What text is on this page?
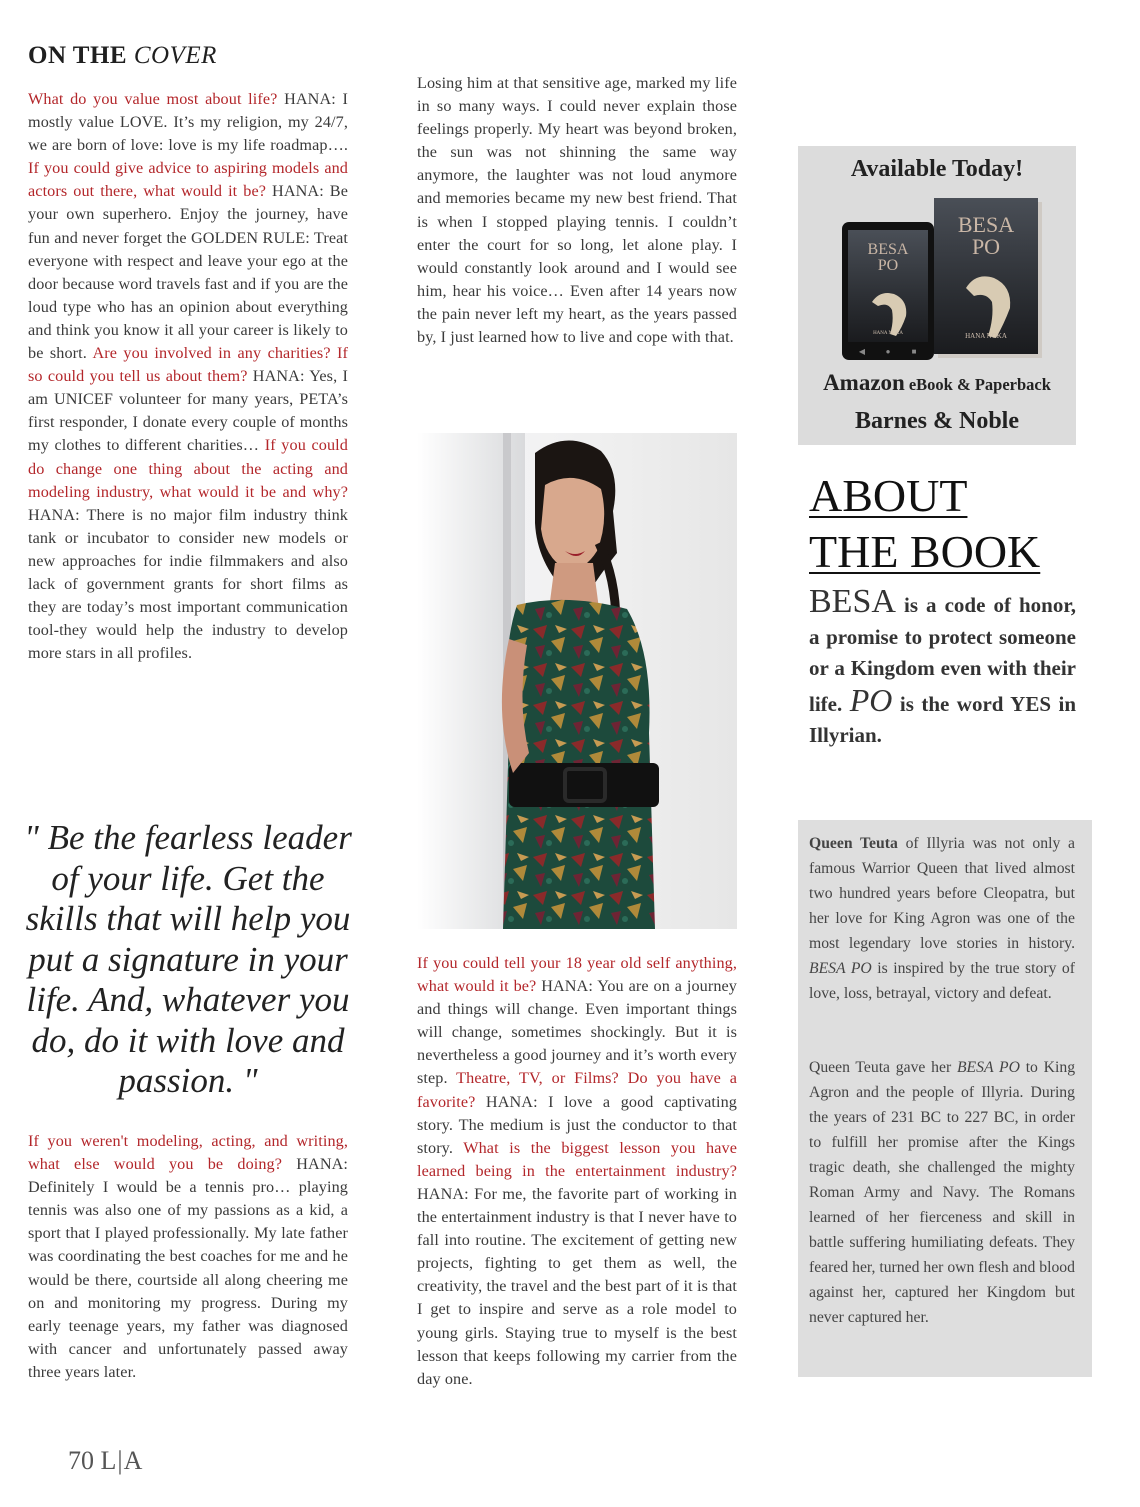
ON THE COVER
What do you value most about life? HANA: I mostly value LOVE. It’s my religion, my 24/7, we are born of love: love is my life roadmap…. If you could give advice to aspiring models and actors out there, what would it be? HANA: Be your own superhero. Enjoy the journey, have fun and never forget the GOLDEN RULE: Treat everyone with respect and leave your ego at the door because word travels fast and if you are the loud type who has an opinion about everything and think you know it all your career is likely to be short. Are you involved in any charities? If so could you tell us about them? HANA: Yes, I am UNICEF volunteer for many years, PETA’s first responder, I donate every couple of months my clothes to different charities… If you could do change one thing about the acting and modeling industry, what would it be and why? HANA: There is no major film industry think tank or incubator to consider new models or new approaches for indie filmmakers and also lack of government grants for short films as they are today’s most important communication tool-they would help the industry to develop more stars in all profiles.

" Be the fearless leader of your life. Get the skills that will help you put a signature in your life. And, whatever you do, do it with love and passion. "

If you weren't modeling, acting, and writing, what else would you be doing? HANA: Definitely I would be a tennis pro… playing tennis was also one of my passions as a kid, a sport that I played professionally. My late father was coordinating the best coaches for me and he would be there, courtside all along cheering me on and monitoring my progress. During my early teenage years, my father was diagnosed with cancer and unfortunately passed away three years later.
Losing him at that sensitive age, marked my life in so many ways. I could never explain those feelings properly. My heart was beyond broken, the sun was not shinning the same way anymore, the laughter was not loud anymore and memories became my new best friend. That is when I stopped playing tennis. I couldn’t enter the court for so long, let alone play. I would constantly look around and I would see him, hear his voice… Even after 14 years now the pain never left my heart, as the years passed by, I just learned how to live and cope with that.
If you could tell your 18 year old self anything, what would it be? HANA: You are on a journey and things will change. Even important things will change, sometimes shockingly. But it is nevertheless a good journey and it’s worth every step. Theatre, TV, or Films? Do you have a favorite? HANA: I love a good captivating story. The medium is just the conductor to that story. What is the biggest lesson you have learned being in the entertainment industry? HANA: For me, the favorite part of working in the entertainment industry is that I never have to fall into routine. The excitement of getting new projects, fighting to get them as well, the creativity, the travel and the best part of it is that I get to inspire and serve as a role model to young girls. Staying true to myself is the best lesson that keeps following my carrier from the day one.

70 L|A

Available Today!
BESA
PO
HANA NOKA
BESA
PO
HANA NOKA
◀	●	■

Amazon eBook & Paperback

Barnes & Noble

ABOUT
THE BOOK

BESA is a code of honor, a promise to protect someone or a Kingdom even with their life. PO is the word YES in Illyrian.

Queen Teuta of Illyria was not only a famous Warrior Queen that lived almost two hundred years before Cleopatra, but her love for King Agron was one of the most legendary love stories in history. BESA PO is inspired by the true story of love, loss, betrayal, victory and defeat.

Queen Teuta gave her BESA PO to King Agron and the people of Illyria. During the years of 231 BC to 227 BC, in order to fulfill her promise after the Kings tragic death, she challenged the mighty Roman Army and Navy. The Romans learned of her fierceness and skill in battle suffering humiliating defeats. They feared her, turned her own flesh and blood against her, captured her Kingdom but never captured her.
